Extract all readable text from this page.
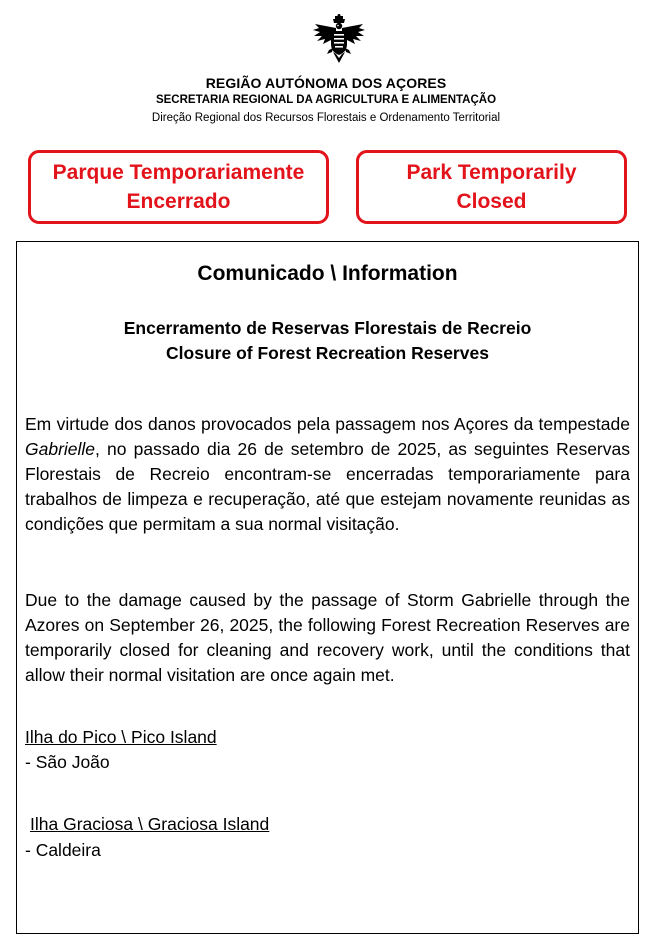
REGIÃO AUTÓNOMA DOS AÇORES
SECRETARIA REGIONAL DA AGRICULTURA E ALIMENTAÇÃO
Direção Regional dos Recursos Florestais e Ordenamento Territorial
Parque Temporariamente
Encerrado
Park Temporarily
Closed
Comunicado \ Information
Encerramento de Reservas Florestais de Recreio
Closure of Forest Recreation Reserves
Em virtude dos danos provocados pela passagem nos Açores da tempestade Gabrielle, no passado dia 26 de setembro de 2025, as seguintes Reservas Florestais de Recreio encontram-se encerradas temporariamente para trabalhos de limpeza e recuperação, até que estejam novamente reunidas as condições que permitam a sua normal visitação.
Due to the damage caused by the passage of Storm Gabrielle through the Azores on September 26, 2025, the following Forest Recreation Reserves are temporarily closed for cleaning and recovery work, until the conditions that allow their normal visitation are once again met.
Ilha do Pico \ Pico Island
- São João
Ilha Graciosa \ Graciosa Island
- Caldeira
